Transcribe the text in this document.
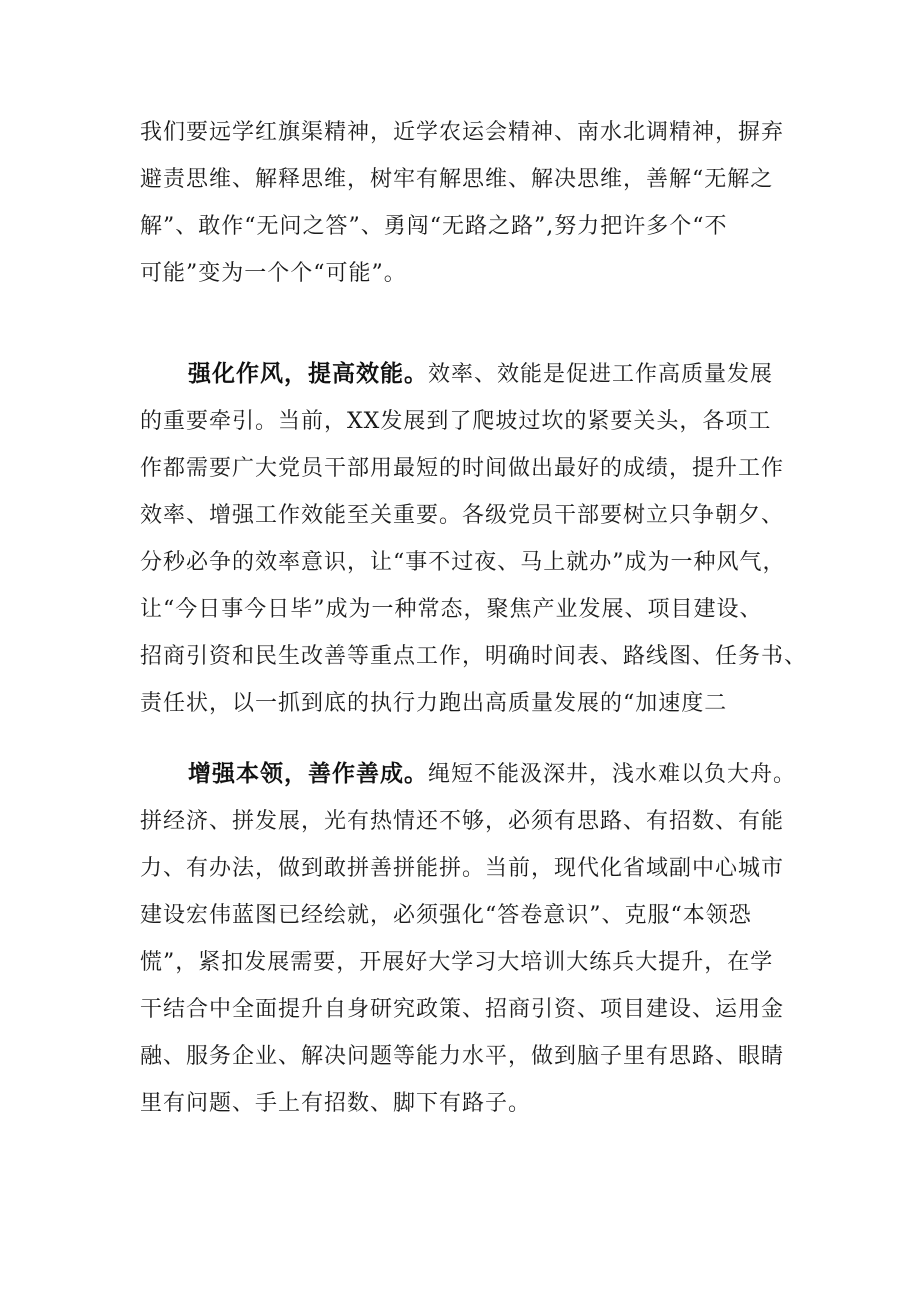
我们要远学红旗渠精神，近学农运会精神、南水北调精神，摒弃
避责思维、解释思维，树牢有解思维、解决思维，善解“无解之
解”、敢作“无问之答”、勇闯“无路之路”,努力把许多个“不
可能”变为一个个“可能”。
强化作风，提高效能。效率、效能是促进工作高质量发展
的重要牵引。当前，XX发展到了爬坡过坎的紧要关头，各项工
作都需要广大党员干部用最短的时间做出最好的成绩，提升工作
效率、增强工作效能至关重要。各级党员干部要树立只争朝夕、
分秒必争的效率意识，让“事不过夜、马上就办”成为一种风气，
让“今日事今日毕”成为一种常态，聚焦产业发展、项目建设、
招商引资和民生改善等重点工作，明确时间表、路线图、任务书、
责任状，以一抓到底的执行力跑出高质量发展的“加速度二
增强本领，善作善成。绳短不能汲深井，浅水难以负大舟。
拼经济、拼发展，光有热情还不够，必须有思路、有招数、有能
力、有办法，做到敢拼善拼能拼。当前，现代化省域副中心城市
建设宏伟蓝图已经绘就，必须强化“答卷意识”、克服“本领恐
慌”，紧扣发展需要，开展好大学习大培训大练兵大提升，在学
干结合中全面提升自身研究政策、招商引资、项目建设、运用金
融、服务企业、解决问题等能力水平，做到脑子里有思路、眼睛
里有问题、手上有招数、脚下有路子。
